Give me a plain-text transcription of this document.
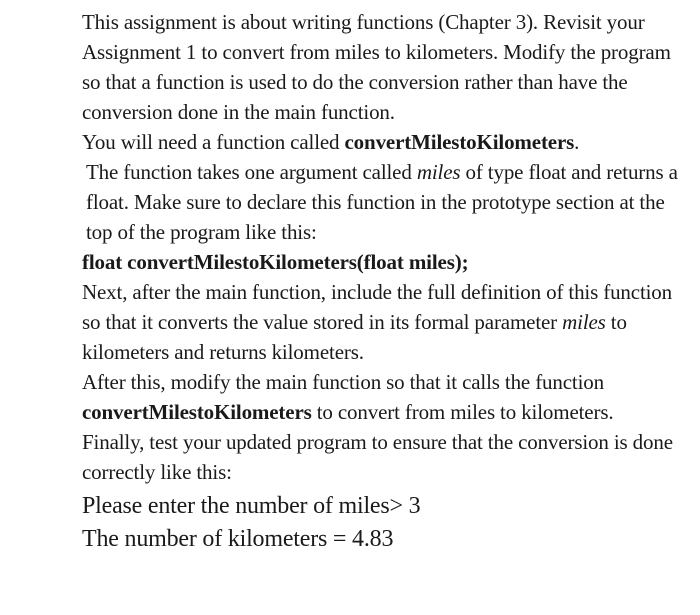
This assignment is about writing functions (Chapter 3). Revisit your Assignment 1 to convert from miles to kilometers. Modify the program so that a function is used to do the conversion rather than have the conversion done in the main function.

You will need a function called convertMilestoKilometers.

The function takes one argument called miles of type float and returns a float. Make sure to declare this function in the prototype section at the top of the program like this:

float convertMilestoKilometers(float miles);

Next, after the main function, include the full definition of this function so that it converts the value stored in its formal parameter miles to kilometers and returns kilometers.

After this, modify the main function so that it calls the function convertMilestoKilometers to convert from miles to kilometers.

Finally, test your updated program to ensure that the conversion is done correctly like this:

Please enter the number of miles> 3

The number of kilometers = 4.83
